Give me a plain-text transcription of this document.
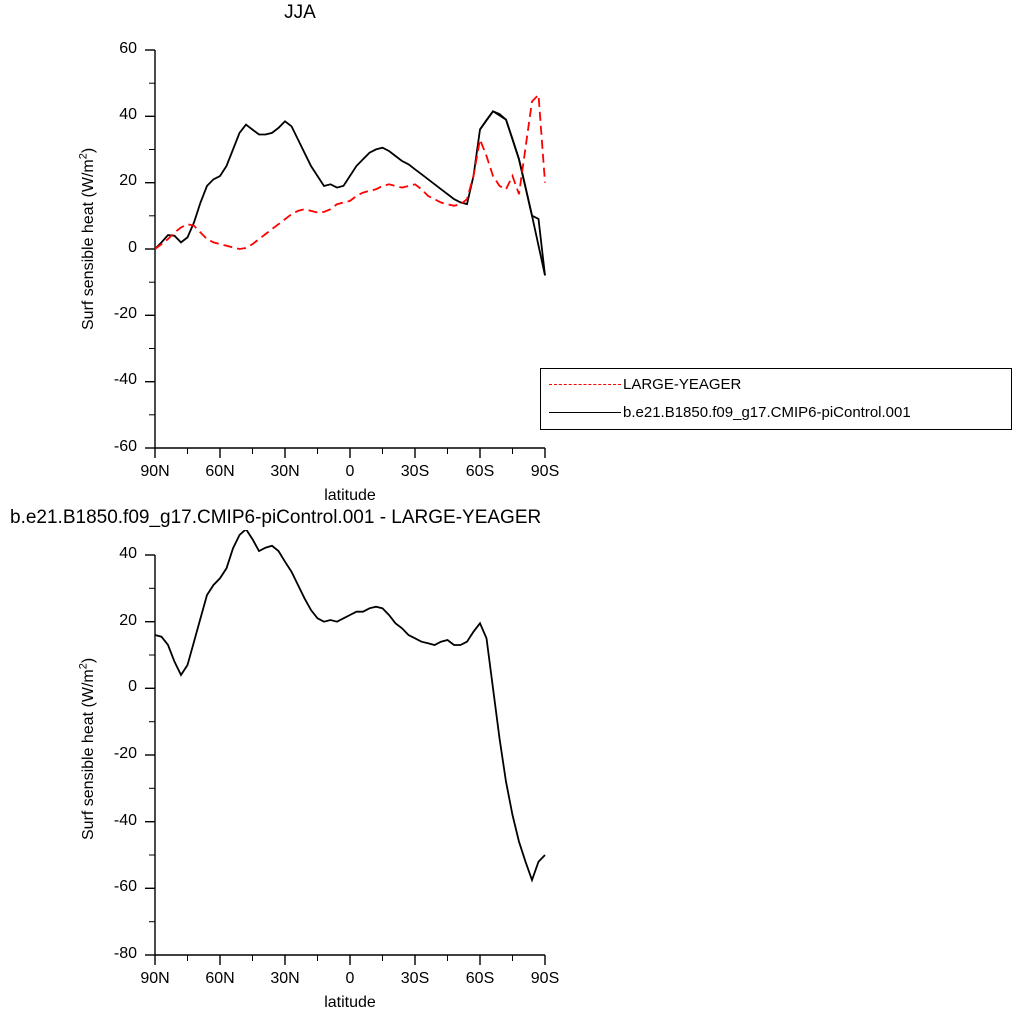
JJA
90N 60N 30N	0	30S 60S 90S
60
40
20
0
-20
-40
-60
latitude
Surf sensible heat $(W/m^2)$
LARGE-YEAGER
b.e21.B1850.f09_g17.CMIP6-piControl.001
b.e21.B1850.f09_g17.CMIP6-piControl.001 - LARGE-YEAGER
90N 60N 30N	0	30S 60S 90S
40
20
0
-20
-40
-60
-80
latitude
Surf sensible heat $(W/m^2)$
